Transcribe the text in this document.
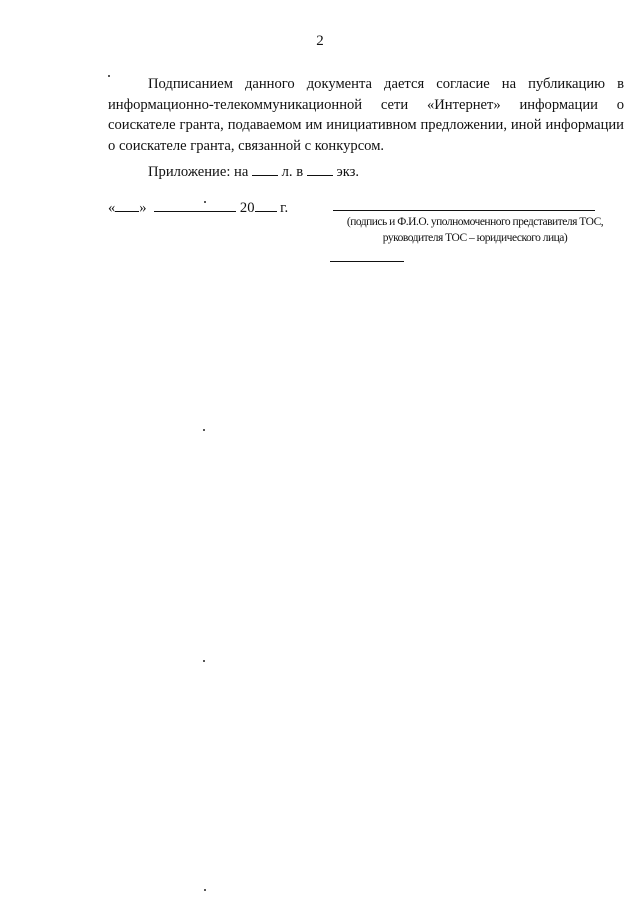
2

Подписанием данного документа дается согласие на публикацию в информационно-телекоммуникационной сети «Интернет» информации о соискателе гранта, подаваемом им инициативном предложении, иной информации о соискателе гранта, связанной с конкурсом.

Приложение: на л. в экз.
« »	20 г.
(подпись и Ф.И.О. уполномоченного представителя ТОС,
руководителя ТОС – юридического лица)
